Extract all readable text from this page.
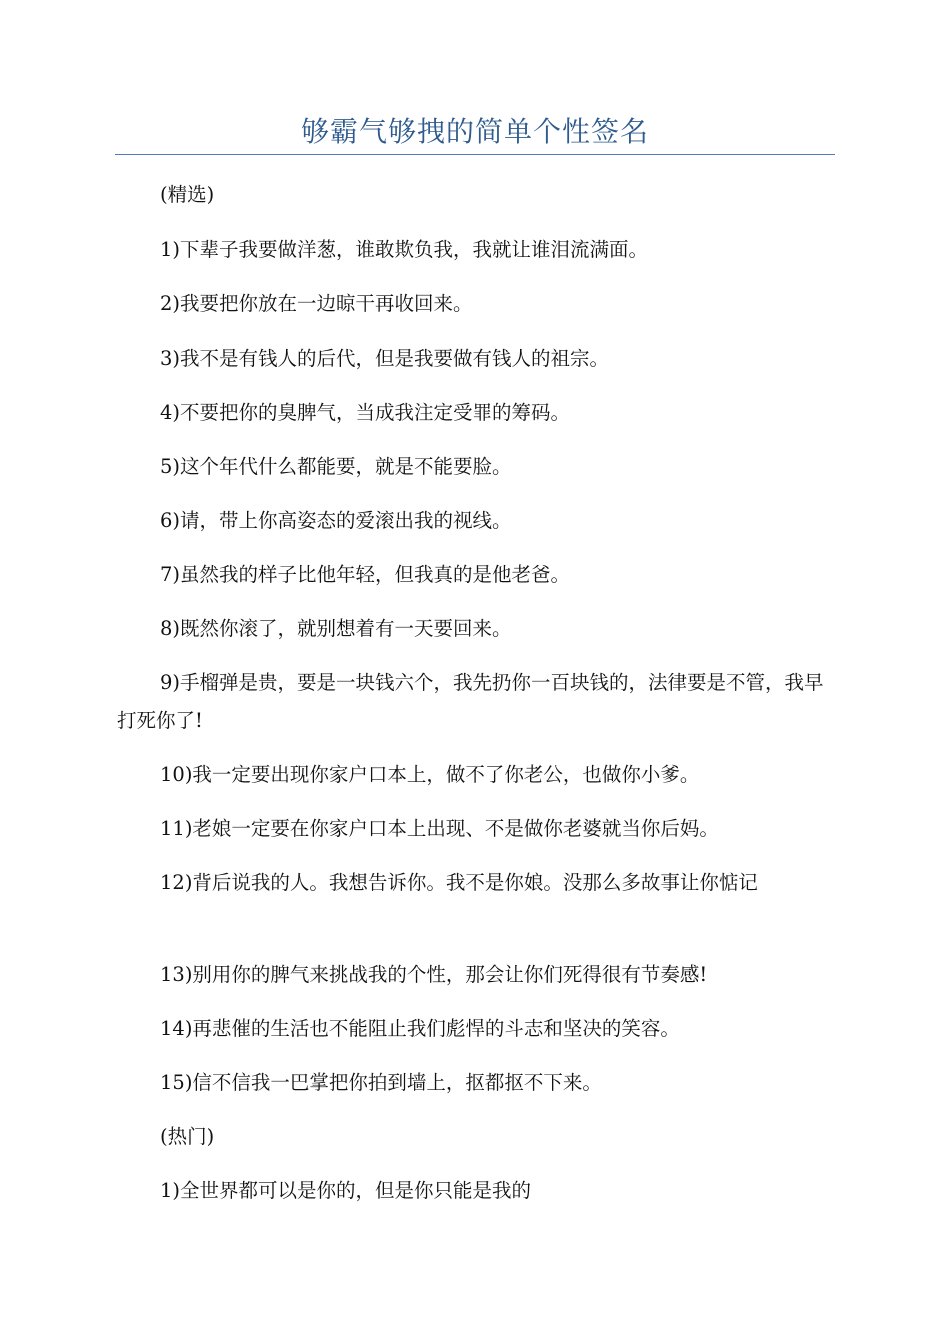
够霸气够拽的简单个性签名

(精选)

1)下辈子我要做洋葱，谁敢欺负我，我就让谁泪流满面。

2)我要把你放在一边晾干再收回来。

3)我不是有钱人的后代，但是我要做有钱人的祖宗。

4)不要把你的臭脾气，当成我注定受罪的筹码。

5)这个年代什么都能要，就是不能要脸。

6)请，带上你高姿态的爱滚出我的视线。

7)虽然我的样子比他年轻，但我真的是他老爸。

8)既然你滚了，就别想着有一天要回来。

9)手榴弹是贵，要是一块钱六个，我先扔你一百块钱的，法律要是不管，我早打死你了!

10)我一定要出现你家户口本上，做不了你老公，也做你小爹。

11)老娘一定要在你家户口本上出现、不是做你老婆就当你后妈。

12)背后说我的人。我想告诉你。我不是你娘。没那么多故事让你惦记

13)别用你的脾气来挑战我的个性，那会让你们死得很有节奏感!

14)再悲催的生活也不能阻止我们彪悍的斗志和坚决的笑容。

15)信不信我一巴掌把你拍到墙上，抠都抠不下来。

(热门)

1)全世界都可以是你的，但是你只能是我的
